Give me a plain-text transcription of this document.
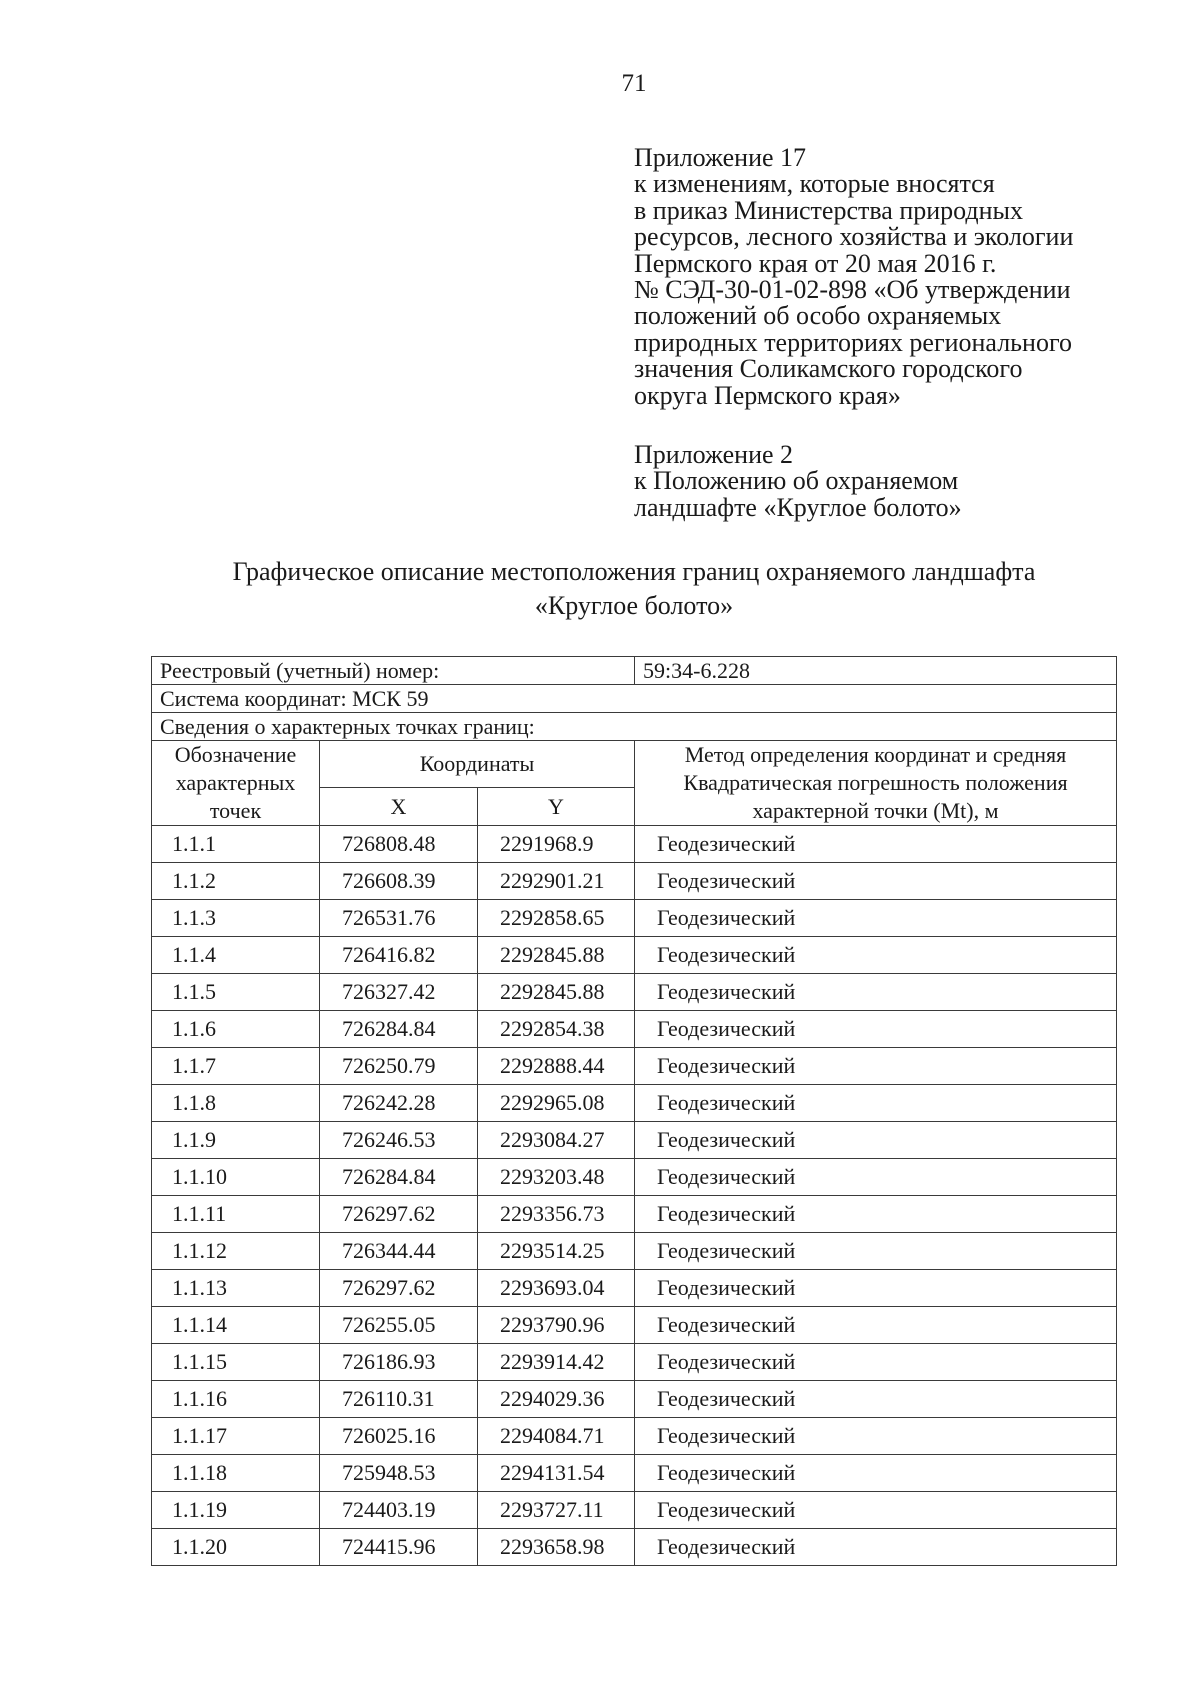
71
Приложение 17
к изменениям, которые вносятся
в приказ Министерства природных
ресурсов, лесного хозяйства и экологии
Пермского края от 20 мая 2016 г.
№ СЭД-30-01-02-898 «Об утверждении
положений об особо охраняемых
природных территориях регионального
значения Соликамского городского
округа Пермского края»
Приложение 2
к Положению об охраняемом
ландшафте «Круглое болото»
Графическое описание местоположения границ охраняемого ландшафта
«Круглое болото»
Реестровый (учетный) номер:			59:34-6.228
Система координат: МСК 59			
Сведения о характерных точках границ:			
Обозначение характерных точек	Координаты		Метод определения координат и средняя Квадратическая погрешность положения характерной точки (Mt), м
	X	Y	
1.1.1	726808.48	2291968.9	Геодезический
1.1.2	726608.39	2292901.21	Геодезический
1.1.3	726531.76	2292858.65	Геодезический
1.1.4	726416.82	2292845.88	Геодезический
1.1.5	726327.42	2292845.88	Геодезический
1.1.6	726284.84	2292854.38	Геодезический
1.1.7	726250.79	2292888.44	Геодезический
1.1.8	726242.28	2292965.08	Геодезический
1.1.9	726246.53	2293084.27	Геодезический
1.1.10	726284.84	2293203.48	Геодезический
1.1.11	726297.62	2293356.73	Геодезический
1.1.12	726344.44	2293514.25	Геодезический
1.1.13	726297.62	2293693.04	Геодезический
1.1.14	726255.05	2293790.96	Геодезический
1.1.15	726186.93	2293914.42	Геодезический
1.1.16	726110.31	2294029.36	Геодезический
1.1.17	726025.16	2294084.71	Геодезический
1.1.18	725948.53	2294131.54	Геодезический
1.1.19	724403.19	2293727.11	Геодезический
1.1.20	724415.96	2293658.98	Геодезический
